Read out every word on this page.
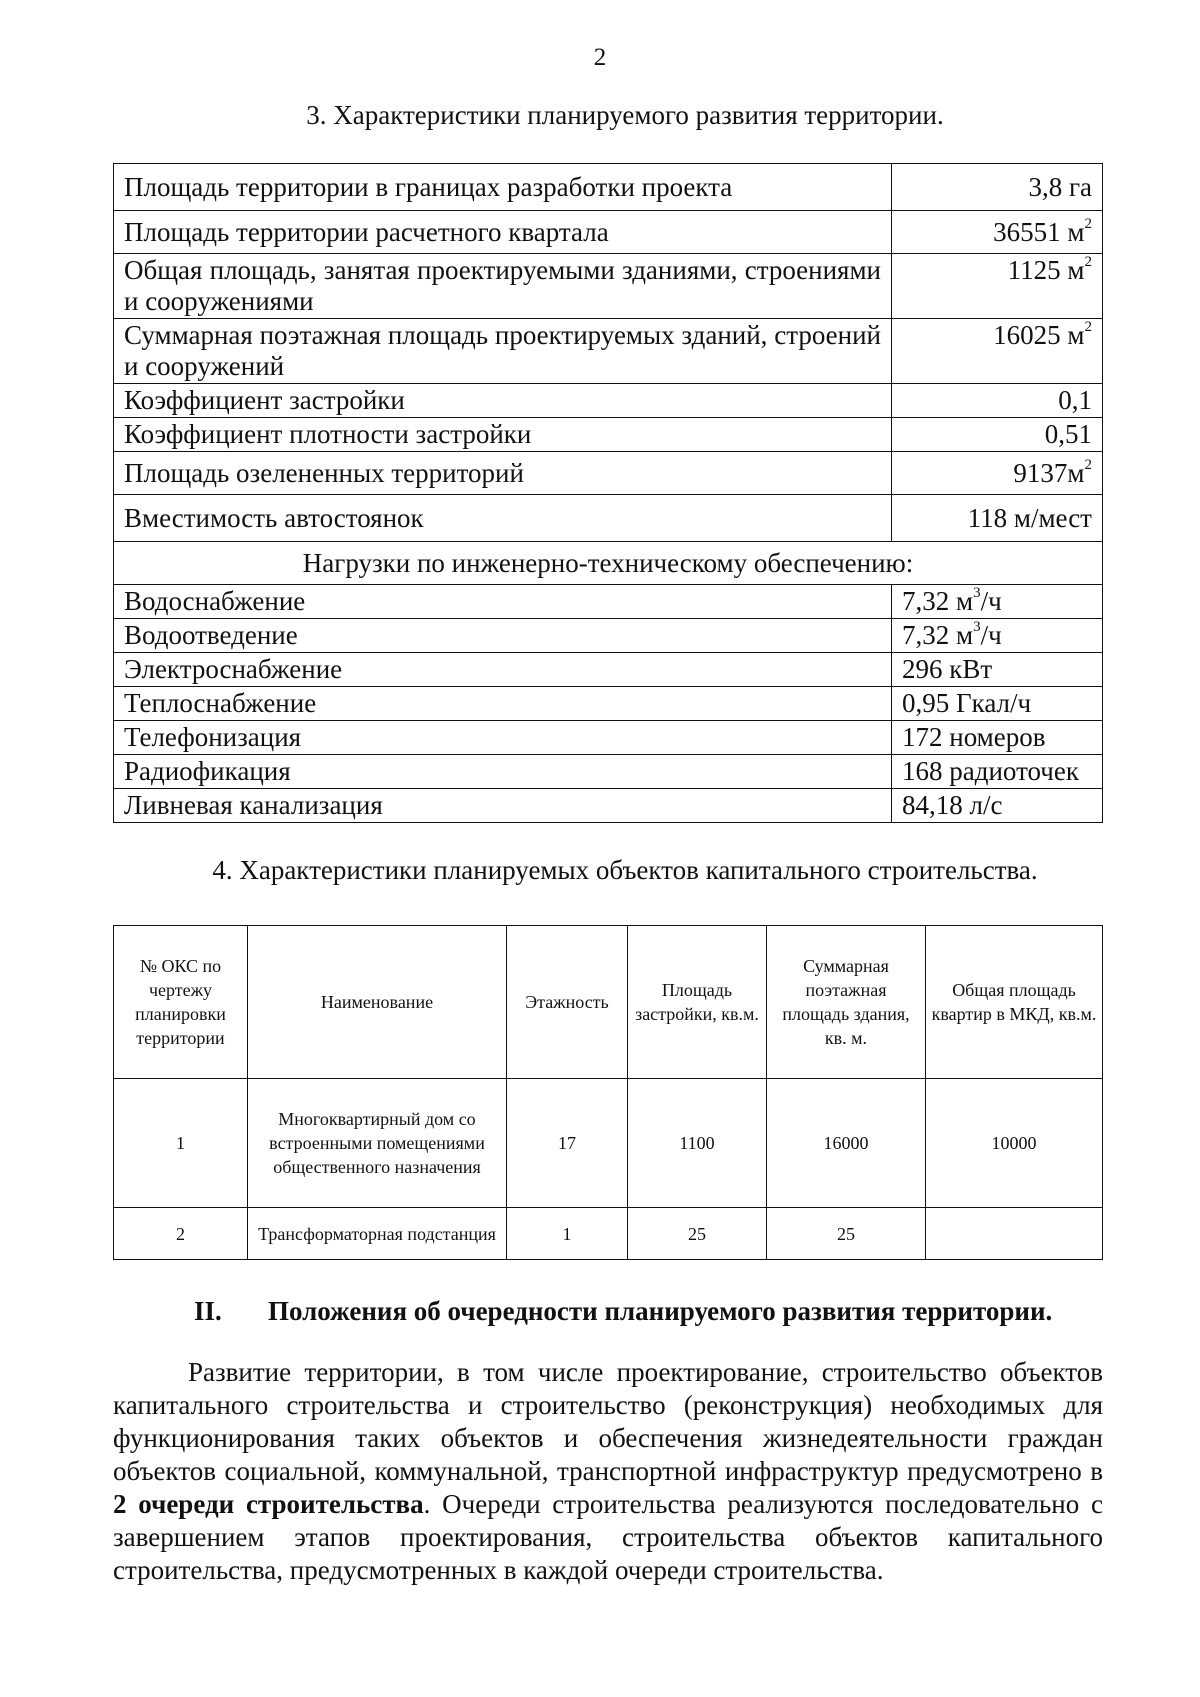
2
3. Характеристики планируемого развития территории.
Площадь территории в границах разработки проекта	3,8 га
Площадь территории расчетного квартала	36551 $м^2$
Общая площадь, занятая проектируемыми зданиями, строениями и сооружениями	1125 $м^2$
Суммарная поэтажная площадь проектируемых зданий, строений и сооружений	16025 $м^2$
Коэффициент застройки	0,1
Коэффициент плотности застройки	0,51
Площадь озелененных территорий	$9137м^2$
Вместимость автостоянок	118 м/мест
Нагрузки по инженерно-техническому обеспечению:	
Водоснабжение	7,32 $м^3/ч$
Водоотведение	7,32 $м^3/ч$
Электроснабжение	296 кВт
Теплоснабжение	0,95 Гкал/ч
Телефонизация	172 номеров
Радиофикация	168 радиоточек
Ливневая канализация	84,18 л/с
4. Характеристики планируемых объектов капитального строительства.
№ ОКС по чертежу планировки территории	Наименование	Этажность	Площадь застройки, кв.м.	Суммарная поэтажная площадь здания, кв. м.	Общая площадь квартир в МКД, кв.м.
1	Многоквартирный дом со встроенными помещениями общественного назначения	17	1100	16000	10000
2	Трансформаторная подстанция	1	25	25	
II. Положения об очередности планируемого развития территории.
Развитие территории, в том числе проектирование, строительство объектов капитального строительства и строительство (реконструкция) необходимых для функционирования таких объектов и обеспечения жизнедеятельности граждан объектов социальной, коммунальной, транспортной инфраструктур предусмотрено в 2 очереди строительства. Очереди строительства реализуются последовательно с завершением этапов проектирования, строительства объектов капитального строительства, предусмотренных в каждой очереди строительства.
